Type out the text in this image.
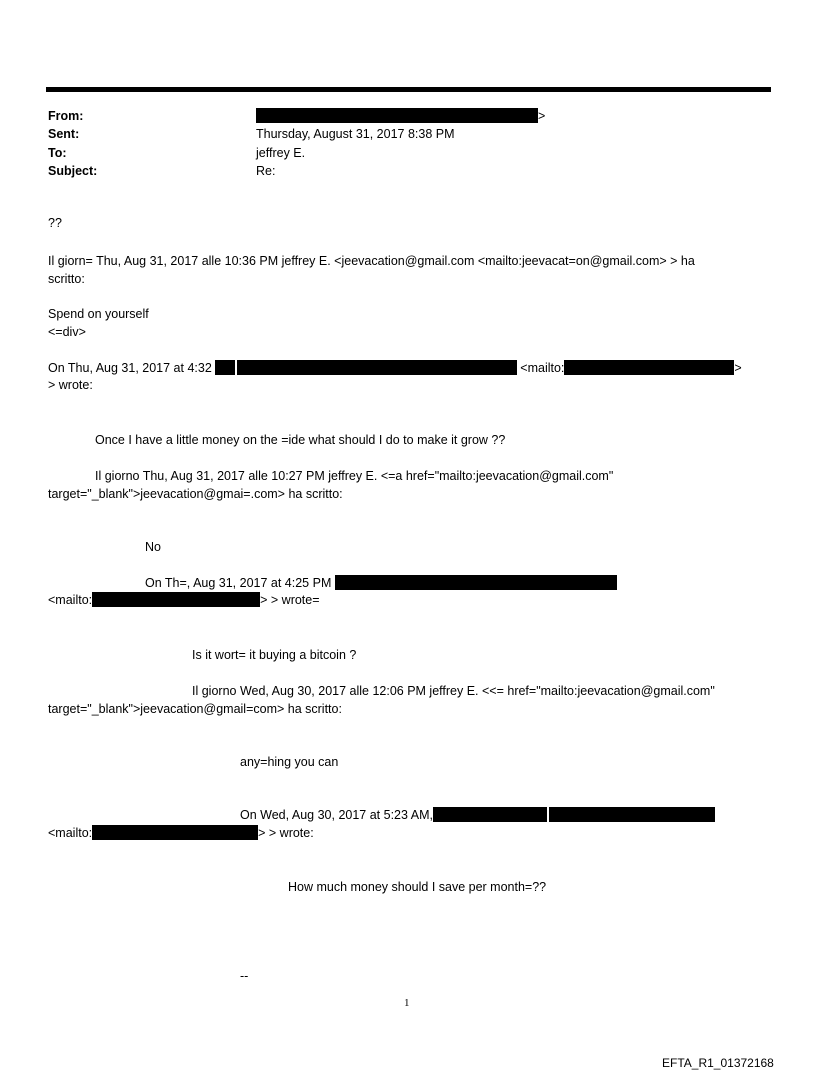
From:	>
Sent:	Thursday, August 31, 2017 8:38 PM
To:	jeffrey E.
Subject:	Re:
??
Il giorn= Thu, Aug 31, 2017 alle 10:36 PM jeffrey E. <jeevacation@gmail.com <mailto:jeevacat=on@gmail.com> > ha
scritto:
Spend on yourself
<=div>
On Thu, Aug 31, 2017 at 4:32	<mailto:	>
> wrote:
Once I have a little money on the =ide what should I do to make it grow ??
Il giorno Thu, Aug 31, 2017 alle 10:27 PM jeffrey E. <=a href="mailto:jeevacation@gmail.com"
target="_blank">jeevacation@gmai=.com> ha scritto:
No
On Th=, Aug 31, 2017 at 4:25 PM
<mailto:	> > wrote=
Is it wort= it buying a bitcoin ?
Il giorno Wed, Aug 30, 2017 alle 12:06 PM jeffrey E. <<= href="mailto:jeevacation@gmail.com"
target="_blank">jeevacation@gmail=com> ha scritto:
any=hing you can
On Wed, Aug 30, 2017 at 5:23 AM,
<mailto:	> > wrote:
How much money should I save per month=??
--
1
EFTA_R1_01372168
